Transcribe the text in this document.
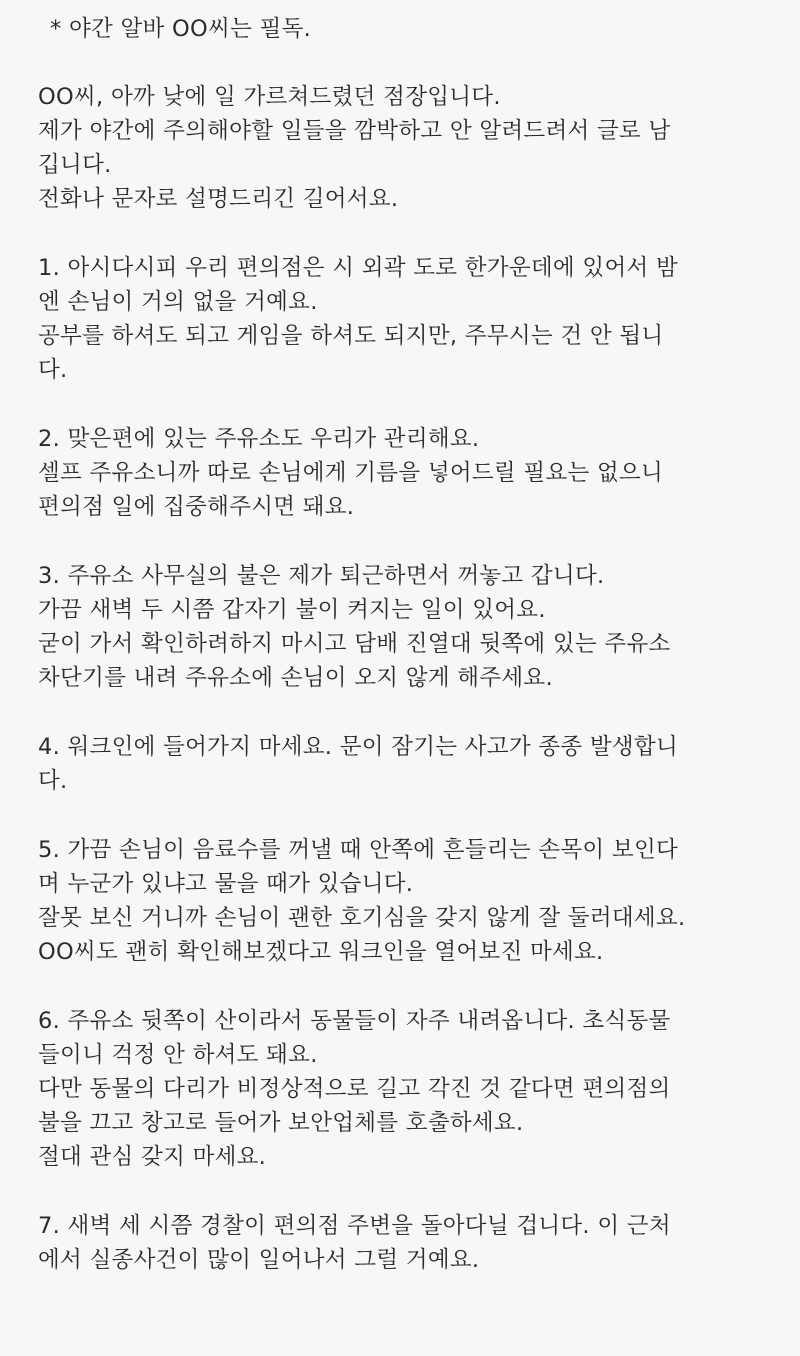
* 야간 알바 OO씨는 필독.
OO씨, 아까 낮에 일 가르쳐드렸던 점장입니다.
제가 야간에 주의해야할 일들을 깜박하고 안 알려드려서 글로 남
깁니다.
전화나 문자로 설명드리긴 길어서요.
1. 아시다시피 우리 편의점은 시 외곽 도로 한가운데에 있어서 밤
엔 손님이 거의 없을 거예요.
공부를 하셔도 되고 게임을 하셔도 되지만, 주무시는 건 안 됩니
다.
2. 맞은편에 있는 주유소도 우리가 관리해요.
셀프 주유소니까 따로 손님에게 기름을 넣어드릴 필요는 없으니
편의점 일에 집중해주시면 돼요.
3. 주유소 사무실의 불은 제가 퇴근하면서 꺼놓고 갑니다.
가끔 새벽 두 시쯤 갑자기 불이 켜지는 일이 있어요.
굳이 가서 확인하려하지 마시고 담배 진열대 뒷쪽에 있는 주유소
차단기를 내려 주유소에 손님이 오지 않게 해주세요.
4. 워크인에 들어가지 마세요. 문이 잠기는 사고가 종종 발생합니
다.
5. 가끔 손님이 음료수를 꺼낼 때 안쪽에 흔들리는 손목이 보인다
며 누군가 있냐고 물을 때가 있습니다.
잘못 보신 거니까 손님이 괜한 호기심을 갖지 않게 잘 둘러대세요.
OO씨도 괜히 확인해보겠다고 워크인을 열어보진 마세요.
6. 주유소 뒷쪽이 산이라서 동물들이 자주 내려옵니다. 초식동물
들이니 걱정 안 하셔도 돼요.
다만 동물의 다리가 비정상적으로 길고 각진 것 같다면 편의점의
불을 끄고 창고로 들어가 보안업체를 호출하세요.
절대 관심 갖지 마세요.
7. 새벽 세 시쯤 경찰이 편의점 주변을 돌아다닐 겁니다. 이 근처
에서 실종사건이 많이 일어나서 그럴 거예요.
